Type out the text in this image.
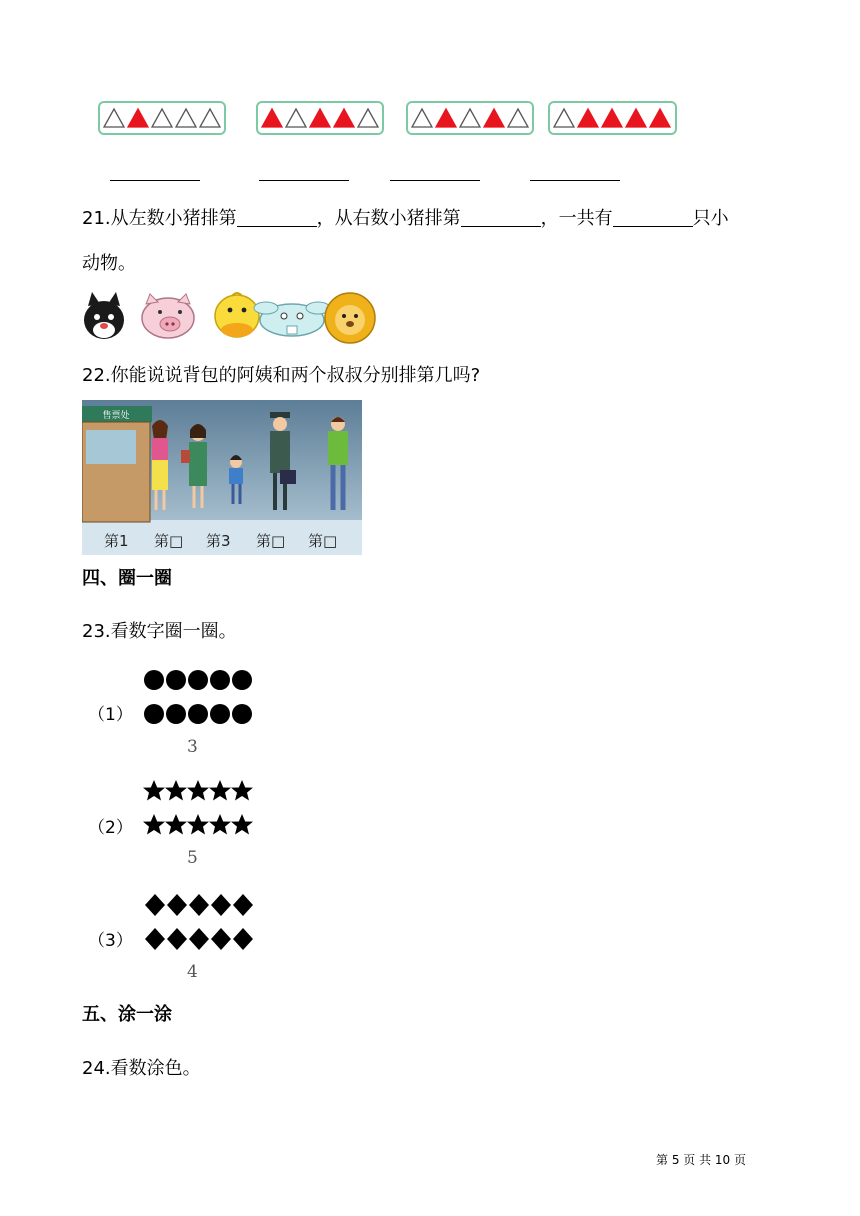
21.从左数小猪排第	，从右数小猪排第	，一共有	只小
动物。
22.你能说说背包的阿姨和两个叔叔分别排第几吗?
售票处
第1 第□ 第3 第□ 第□
四、圈一圈
23.看数字圈一圈。
（1）
3
（2）
5
（3）
4
五、涂一涂
24.看数涂色。
第 5 页 共 10 页
